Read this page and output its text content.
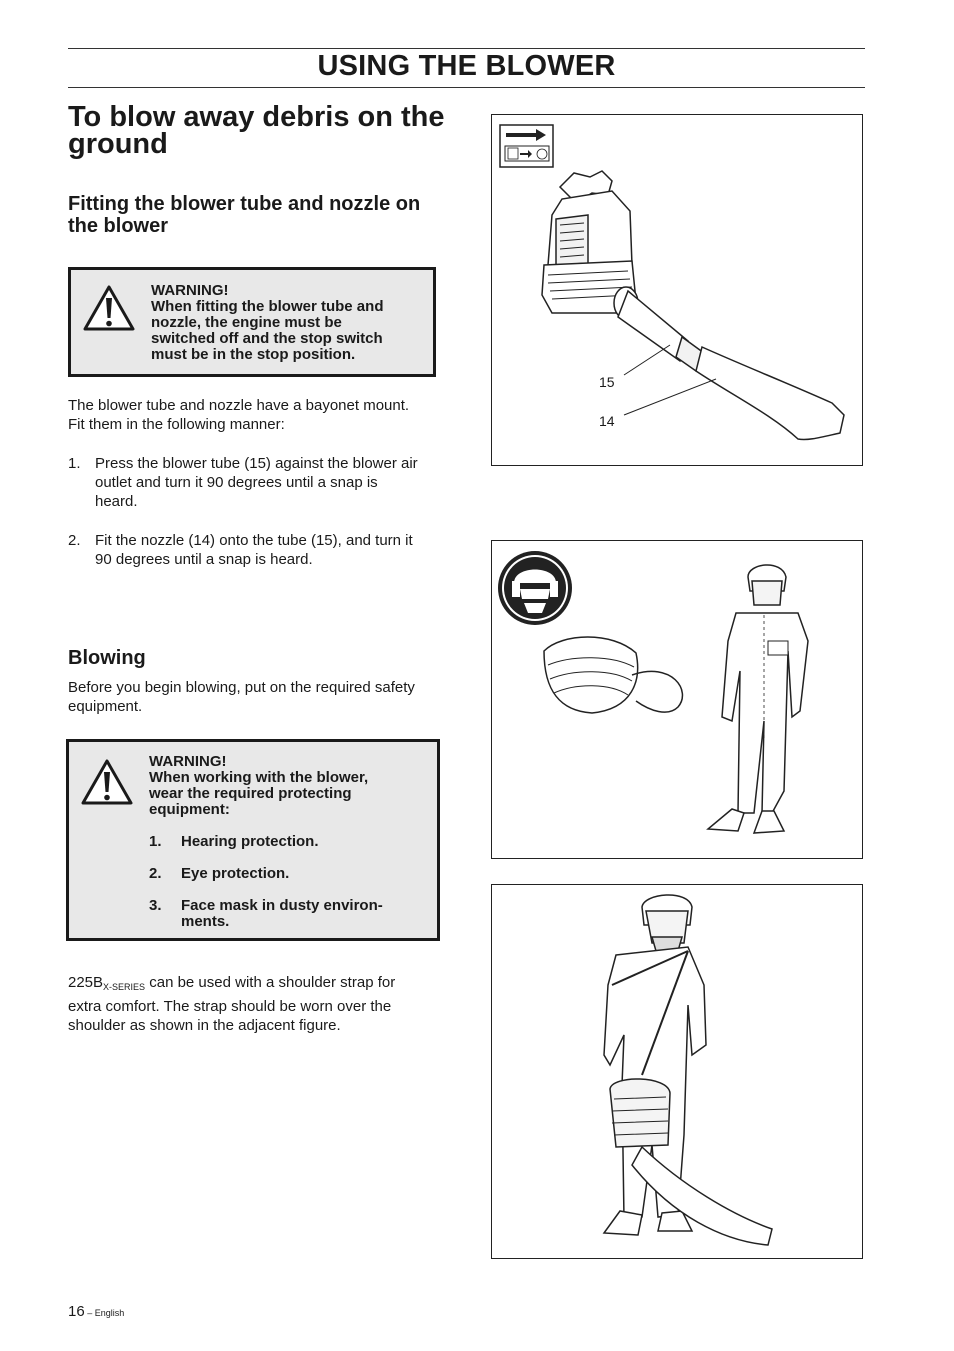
USING THE BLOWER
To blow away debris on the ground
Fitting the blower tube and nozzle on the blower
WARNING!
When fitting the blower tube and
nozzle, the engine must be
switched off and the stop switch
must be in the stop position.

The blower tube and nozzle have a bayonet mount.
Fit them in the following manner:

1. Press the blower tube (15) against the blower air
outlet and turn it 90 degrees until a snap is
heard.
2. Fit the nozzle (14) onto the tube (15), and turn it
90 degrees until a snap is heard.
Blowing

Before you begin blowing, put on the required safety
equipment.

WARNING!
When working with the blower,
wear the required protecting
equipment:
1. Hearing protection.
2. Eye protection.
3. Face mask in dusty environ-
ments.

$225B_{X-SERIES}$ can be used with a shoulder strap for
extra comfort. The strap should be worn over the
shoulder as shown in the adjacent figure.

15
14
16 – English
